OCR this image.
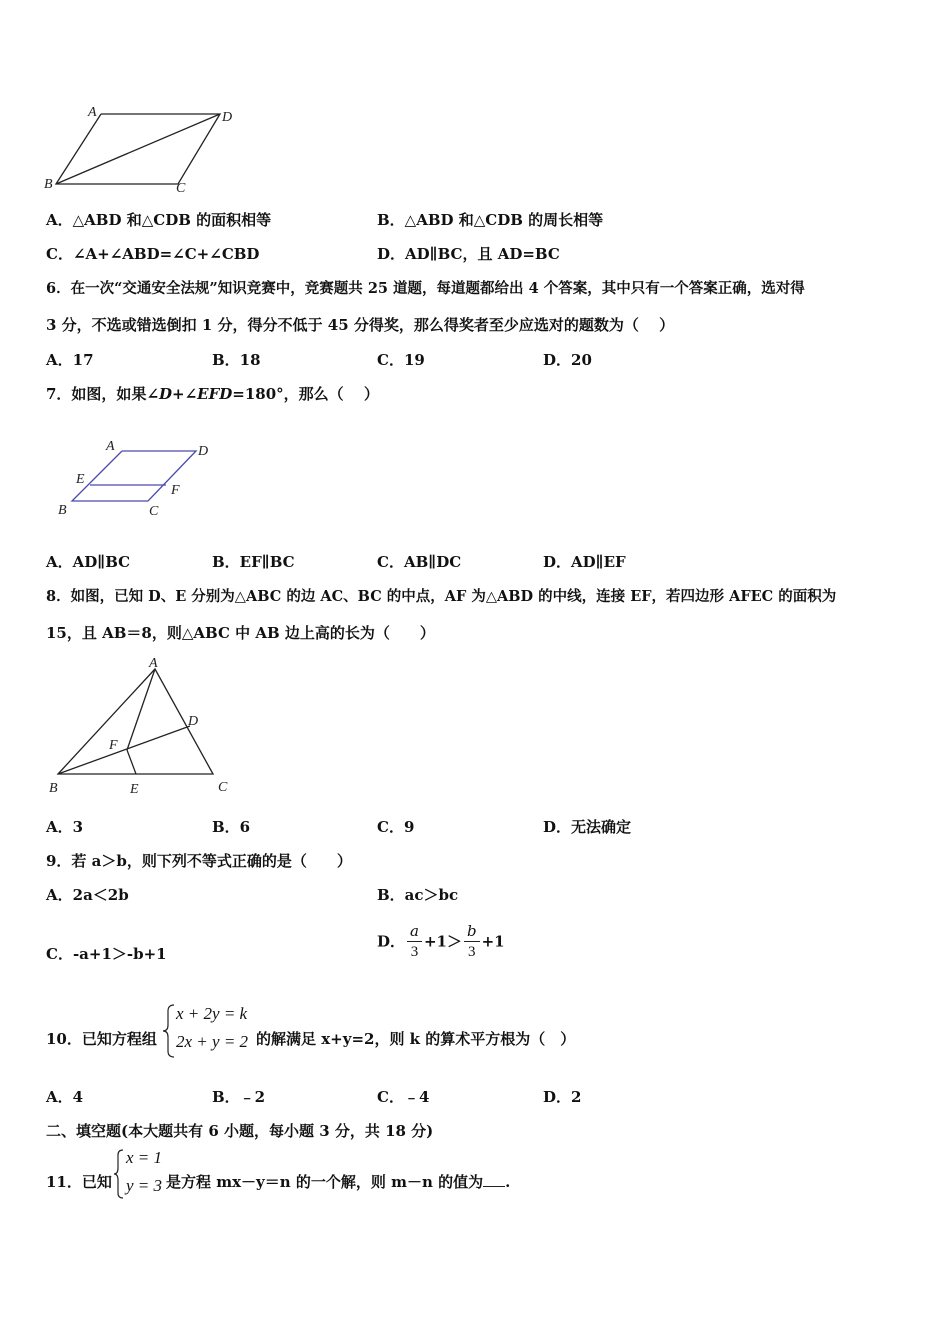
A	D
B	C
A．△ABD 和△CDB 的面积相等	B．△ABD 和△CDB 的周长相等
C．∠A+∠ABD=∠C+∠CBD	D．AD∥BC，且 AD=BC
6．在一次“交通安全法规”知识竞赛中，竞赛题共 25 道题，每道题都给出 4 个答案，其中只有一个答案正确，选对得
3 分，不选或错选倒扣 1 分，得分不低于 45 分得奖，那么得奖者至少应选对的题数为（　 ）
A．17	B．18	C．19	D．20
7．如图，如果∠D+∠EFD=180°，那么（　 ）
A	D
E
F
B	C
A．AD∥BC	B．EF∥BC	C．AB∥DC	D．AD∥EF
8．如图，已知 D、E 分别为△ABC 的边 AC、BC 的中点，AF 为△ABD 的中线，连接 EF，若四边形 AFEC 的面积为
15，且 AB＝8，则△ABC 中 AB 边上高的长为（　　）
A
D
F
B	E	C
A．3	B．6	C．9	D．无法确定
9．若 a＞b，则下列不等式正确的是（　　）
A．2a＜2b	B．ac＞bc
C．-a+1＞-b+1
D． $\frac{a}{3} +1> \frac{b}{3} +1$
10．已知方程组
x + 2y = k
2x + y = 2 的解满足 x+y=2，则 k 的算术平方根为（　）
A．4	B．﹣2	C．﹣4	D．2
二、填空题(本大题共有 6 小题，每小题 3 分，共 18 分)
11．已知
x = 1
y = 3 是方程 mx－y＝n 的一个解，则 m－n 的值为 .
